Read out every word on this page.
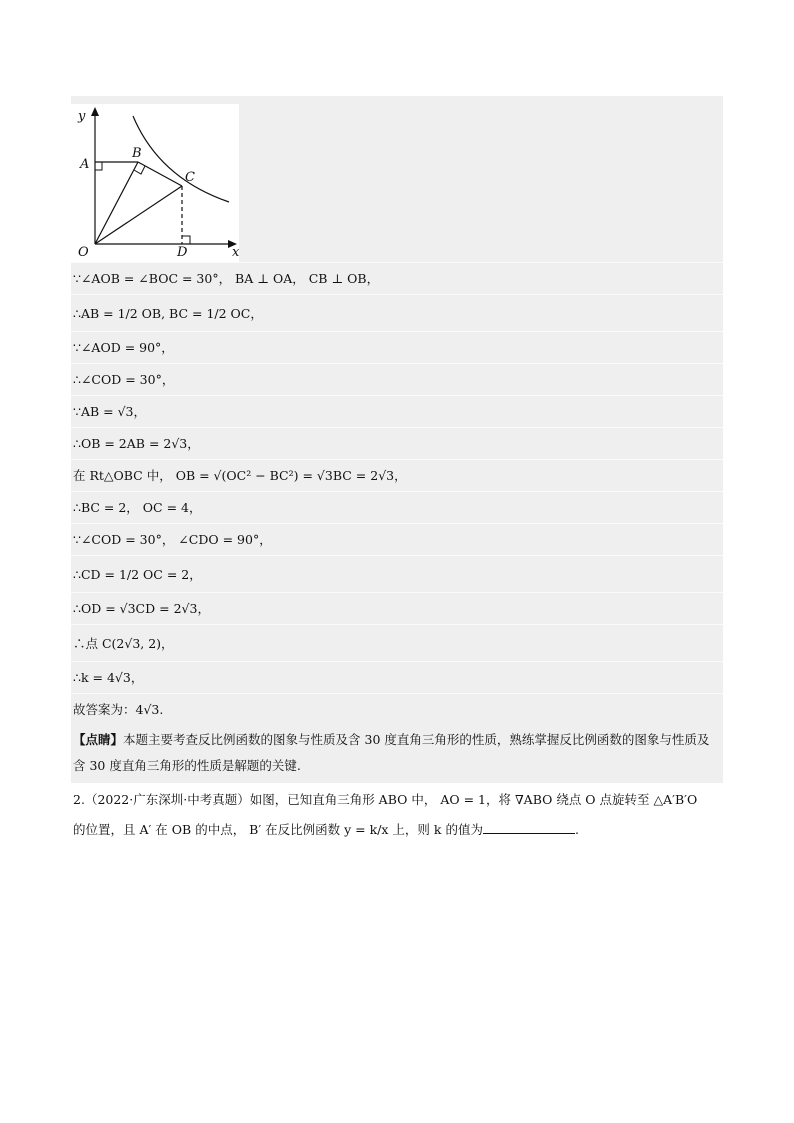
y
x
A
B
C
O	D
∵∠AOB = ∠BOC = 30°， BA ⊥ OA， CB ⊥ OB，
∴AB = 1/2 OB, BC = 1/2 OC，
∵∠AOD = 90°，
∴∠COD = 30°，
∵AB = √3，
∴OB = 2AB = 2√3，
在 Rt△OBC 中， OB = √(OC² − BC²) = √3BC = 2√3，
∴BC = 2， OC = 4，
∵∠COD = 30°， ∠CDO = 90°，
∴CD = 1/2 OC = 2，
∴OD = √3CD = 2√3，
∴点 C(2√3, 2)，
∴k = 4√3，
故答案为：4√3.
【点睛】本题主要考查反比例函数的图象与性质及含 30 度直角三角形的性质，熟练掌握反比例函数的图象与性质及含 30 度直角三角形的性质是解题的关键.
2.（2022·广东深圳·中考真题）如图，已知直角三角形 ABO 中， AO = 1，将 ∇ABO 绕点 O 点旋转至 △A′B′O
的位置，且 A′ 在 OB 的中点， B′ 在反比例函数 y = k/x 上，则 k 的值为	.
